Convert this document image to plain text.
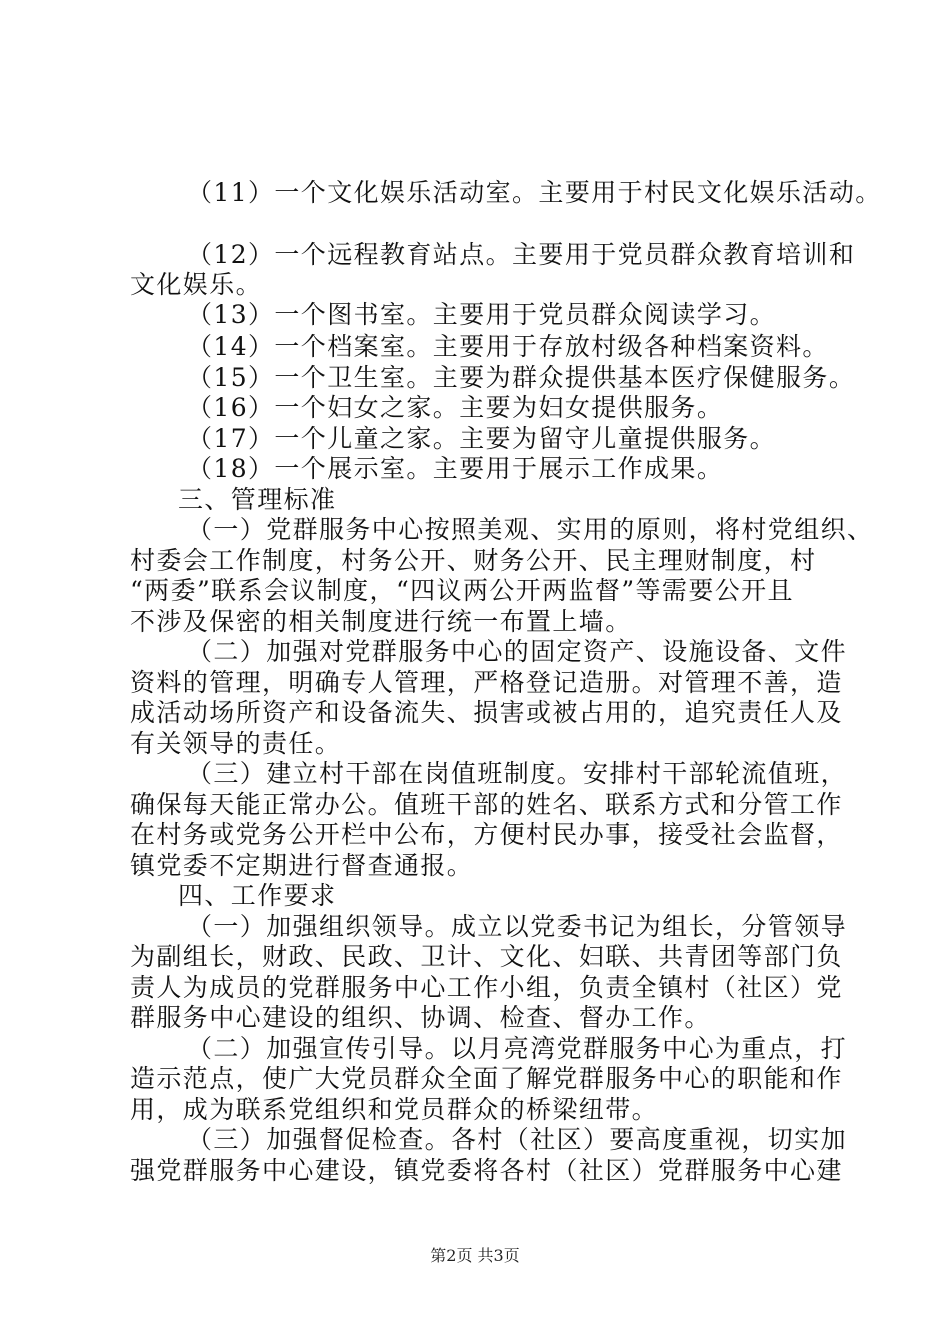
（11）一个文化娱乐活动室。主要用于村民文化娱乐活动。
（12）一个远程教育站点。主要用于党员群众教育培训和
文化娱乐。
（13）一个图书室。主要用于党员群众阅读学习。
（14）一个档案室。主要用于存放村级各种档案资料。
（15）一个卫生室。主要为群众提供基本医疗保健服务。
（16）一个妇女之家。主要为妇女提供服务。
（17）一个儿童之家。主要为留守儿童提供服务。
（18）一个展示室。主要用于展示工作成果。
三、管理标准
（一）党群服务中心按照美观、实用的原则，将村党组织、
村委会工作制度，村务公开、财务公开、民主理财制度，村
“两委”联系会议制度，“四议两公开两监督”等需要公开且
不涉及保密的相关制度进行统一布置上墙。
（二）加强对党群服务中心的固定资产、设施设备、文件
资料的管理，明确专人管理，严格登记造册。对管理不善，造
成活动场所资产和设备流失、损害或被占用的，追究责任人及
有关领导的责任。
（三）建立村干部在岗值班制度。安排村干部轮流值班，
确保每天能正常办公。值班干部的姓名、联系方式和分管工作
在村务或党务公开栏中公布，方便村民办事，接受社会监督，
镇党委不定期进行督查通报。
四、工作要求
（一）加强组织领导。成立以党委书记为组长，分管领导
为副组长，财政、民政、卫计、文化、妇联、共青团等部门负
责人为成员的党群服务中心工作小组，负责全镇村（社区）党
群服务中心建设的组织、协调、检查、督办工作。
（二）加强宣传引导。以月亮湾党群服务中心为重点，打
造示范点，使广大党员群众全面了解党群服务中心的职能和作
用，成为联系党组织和党员群众的桥梁纽带。
（三）加强督促检查。各村（社区）要高度重视，切实加
强党群服务中心建设，镇党委将各村（社区）党群服务中心建
第2页 共3页
